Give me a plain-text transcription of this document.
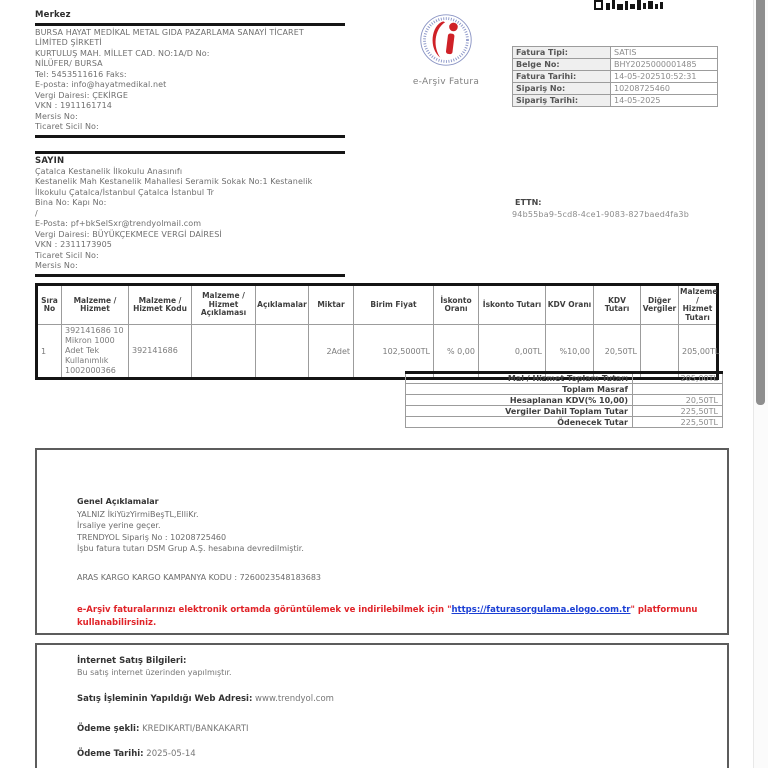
Merkez
BURSA HAYAT MEDİKAL METAL GIDA PAZARLAMA SANAYİ TİCARET
LİMİTED ŞİRKETİ
KURTULUŞ MAH. MİLLET CAD. NO:1A/D No:
NİLÜFER/ BURSA
Tel: 5453511616 Faks:
E-posta: info@hayatmedikal.net
Vergi Dairesi: ÇEKİRGE
VKN : 1911161714
Mersis No:
Ticaret Sicil No:
SAYIN
Çatalca Kestanelik İlkokulu Anasınıfı
Kestanelik Mah Kestanelik Mahallesi Seramik Sokak No:1 Kestanelik
İlkokulu Çatalca/İstanbul Çatalca İstanbul Tr
Bina No: Kapı No:
/
E-Posta: pf+bkSelSxr@trendyolmail.com
Vergi Dairesi: BÜYÜKÇEKMECE VERGİ DAİRESİ
VKN : 2311173905
Ticaret Sicil No:
Mersis No:
e-Arşiv Fatura
Fatura Tipi:	SATIS
Belge No:	BHY2025000001485
Fatura Tarihi:	14-05-202510:52:31
Sipariş No:	10208725460
Sipariş Tarihi:	14-05-2025
ETTN:
94b55ba9-5cd8-4ce1-9083-827baed4fa3b
Sıra No	Malzeme / Hizmet	Malzeme / Hizmet Kodu	Malzeme / Hizmet Açıklaması	Açıklamalar	Miktar	Birim Fiyat	İskonto Oranı	İskonto Tutarı	KDV Oranı	KDV Tutarı	Diğer Vergiler	Malzeme / Hizmet Tutarı
1	392141686 10 Mikron 1000 Adet Tek Kullanımlık 1002000366	392141686			2Adet	102,5000TL	% 0,00	0,00TL	%10,00	20,50TL		205,00TL
Mal / Hizmet Toplam Tutarı	205,00TL
Toplam Masraf	
Hesaplanan KDV(% 10,00)	20,50TL
Vergiler Dahil Toplam Tutar	225,50TL
Ödenecek Tutar	225,50TL
Genel Açıklamalar
YALNIZ İkiYüzYirmiBeşTL,ElliKr.
İrsaliye yerine geçer.
TRENDYOL Sipariş No : 10208725460
İşbu fatura tutarı DSM Grup A.Ş. hesabına devredilmiştir.
ARAS KARGO KARGO KAMPANYA KODU : 7260023548183683
e-Arşiv faturalarınızı elektronik ortamda görüntülemek ve indirilebilmek için "https://faturasorgulama.elogo.com.tr" platformunu kullanabilirsiniz.
İnternet Satış Bilgileri:
Bu satış internet üzerinden yapılmıştır.
Satış İşleminin Yapıldığı Web Adresi: www.trendyol.com
Ödeme şekli: KREDIKARTI/BANKAKARTI
Ödeme Tarihi: 2025-05-14
